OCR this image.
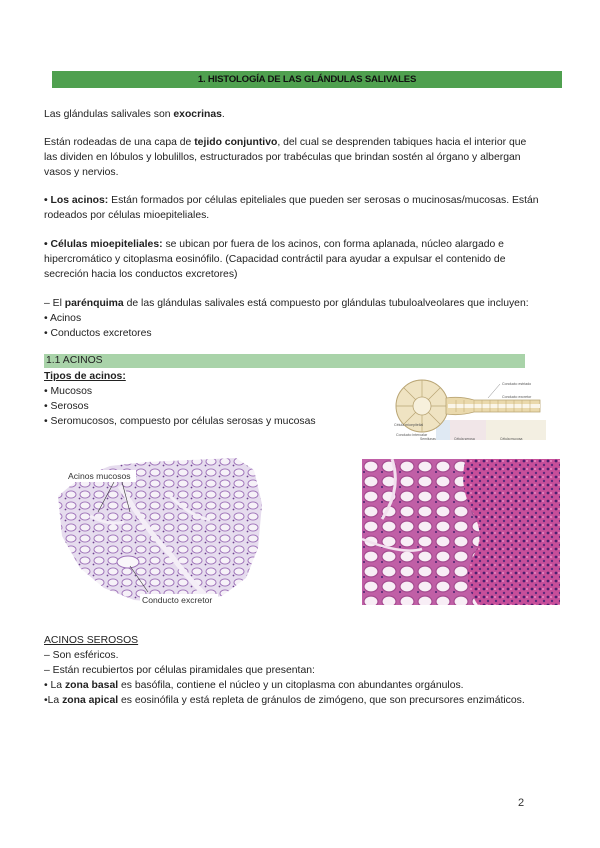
1. HISTOLOGÍA DE LAS GLÁNDULAS SALIVALES

Las glándulas salivales son exocrinas.

Están rodeadas de una capa de tejido conjuntivo, del cual se desprenden tabiques hacia el interior que
las dividen en lóbulos y lobulillos, estructurados por trabéculas que brindan sostén al órgano y albergan
vasos y nervios.

• Los acinos: Están formados por células epiteliales que pueden ser serosas o mucinosas/mucosas. Están
rodeados por células mioepiteliales.

• Células mioepiteliales: se ubican por fuera de los acinos, con forma aplanada, núcleo alargado e
hipercromático y citoplasma eosinófilo. (Capacidad contráctil para ayudar a expulsar el contenido de
secreción hacia los conductos excretores)

– El parénquima de las glándulas salivales está compuesto por glándulas tubuloalveolares que incluyen:
• Acinos
• Conductos excretores

1.1 ACINOS

Tipos de acinos:
• Mucosos
• Serosos
• Seromucosos, compuesto por células serosas y mucosas

Conducto estriado
Conducto excretor
Célula mioepitelial
Conducto intercalar
Semilunas	Célula serosa	Célula mucosa
Acinos mucosos
Conducto excretor

ACINOS SEROSOS
– Son esféricos.
– Están recubiertos por células piramidales que presentan:
• La zona basal es basófila, contiene el núcleo y un citoplasma con abundantes orgánulos.
•La zona apical es eosinófila y está repleta de gránulos de zimógeno, que son precursores enzimáticos.

2
